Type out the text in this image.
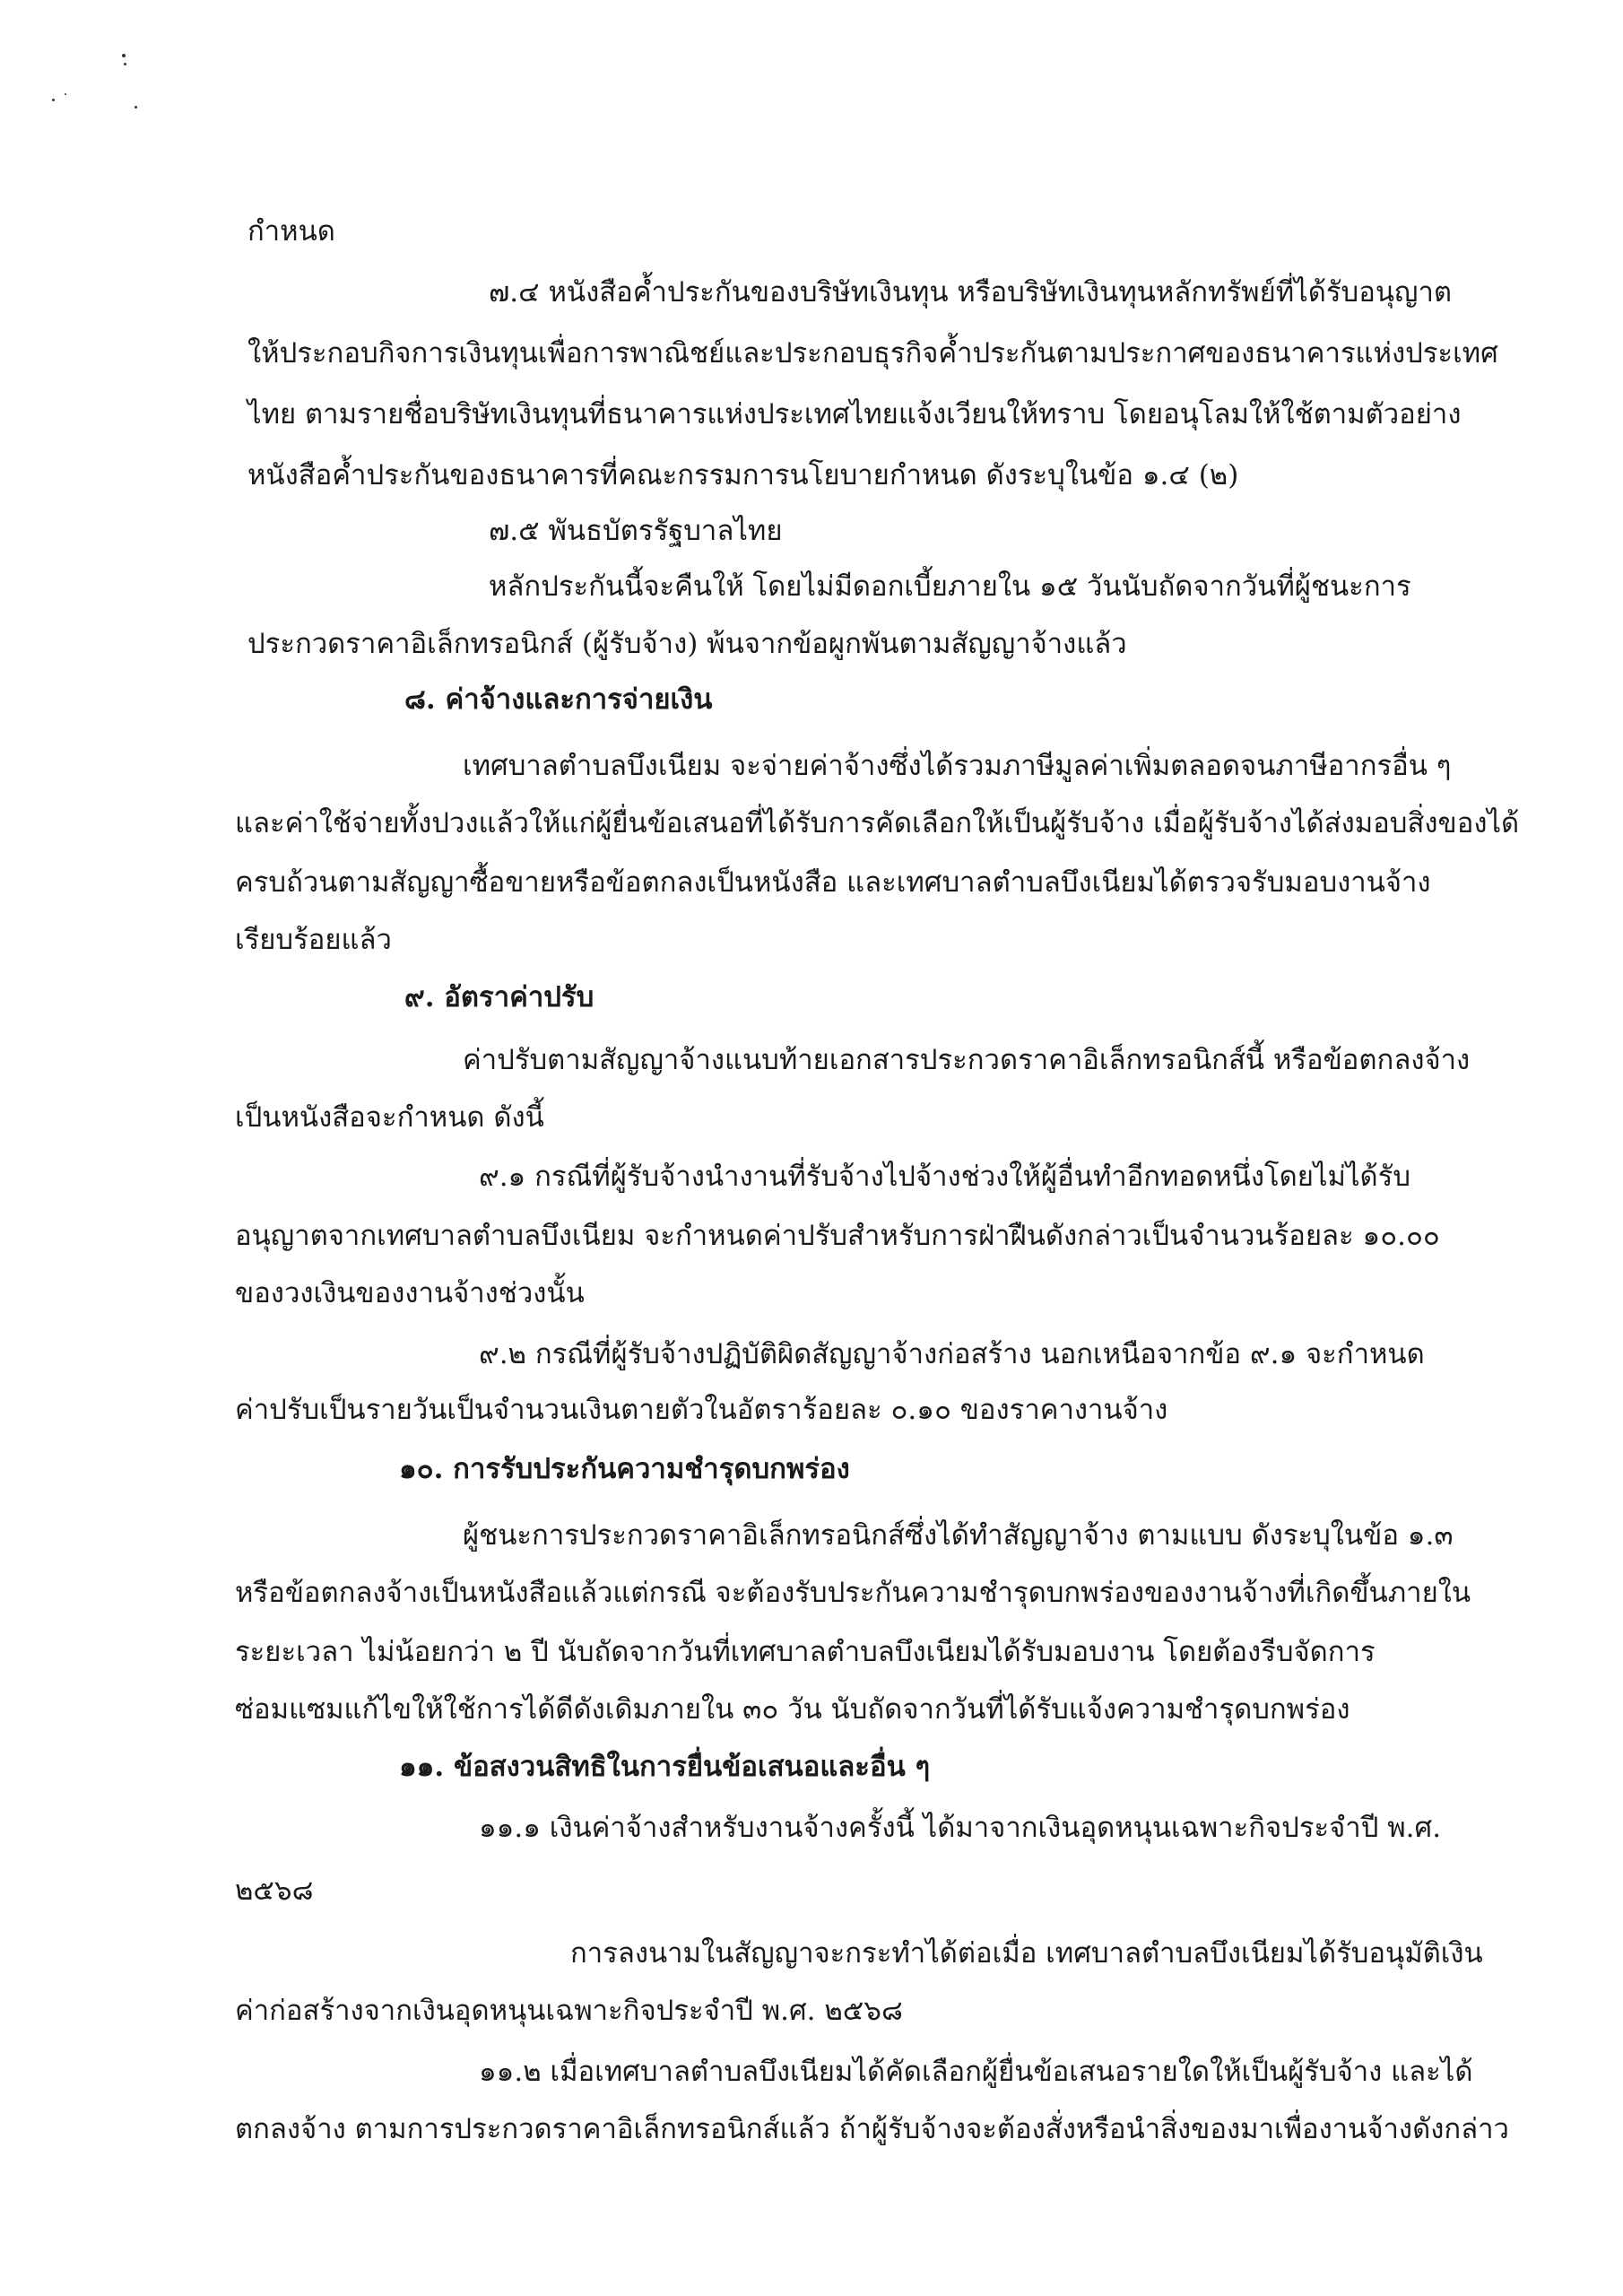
กำหนด
๗.๔ หนังสือค้ำประกันของบริษัทเงินทุน หรือบริษัทเงินทุนหลักทรัพย์ที่ได้รับอนุญาต
ให้ประกอบกิจการเงินทุนเพื่อการพาณิชย์และประกอบธุรกิจค้ำประกันตามประกาศของธนาคารแห่งประเทศ
ไทย ตามรายชื่อบริษัทเงินทุนที่ธนาคารแห่งประเทศไทยแจ้งเวียนให้ทราบ โดยอนุโลมให้ใช้ตามตัวอย่าง
หนังสือค้ำประกันของธนาคารที่คณะกรรมการนโยบายกำหนด ดังระบุในข้อ ๑.๔ (๒)
๗.๕ พันธบัตรรัฐบาลไทย
หลักประกันนี้จะคืนให้ โดยไม่มีดอกเบี้ยภายใน ๑๕ วันนับถัดจากวันที่ผู้ชนะการ
ประกวดราคาอิเล็กทรอนิกส์ (ผู้รับจ้าง) พ้นจากข้อผูกพันตามสัญญาจ้างแล้ว
๘. ค่าจ้างและการจ่ายเงิน
เทศบาลตำบลบึงเนียม จะจ่ายค่าจ้างซึ่งได้รวมภาษีมูลค่าเพิ่มตลอดจนภาษีอากรอื่น ๆ
และค่าใช้จ่ายทั้งปวงแล้วให้แก่ผู้ยื่นข้อเสนอที่ได้รับการคัดเลือกให้เป็นผู้รับจ้าง เมื่อผู้รับจ้างได้ส่งมอบสิ่งของได้
ครบถ้วนตามสัญญาซื้อขายหรือข้อตกลงเป็นหนังสือ และเทศบาลตำบลบึงเนียมได้ตรวจรับมอบงานจ้าง
เรียบร้อยแล้ว
๙. อัตราค่าปรับ
ค่าปรับตามสัญญาจ้างแนบท้ายเอกสารประกวดราคาอิเล็กทรอนิกส์นี้ หรือข้อตกลงจ้าง
เป็นหนังสือจะกำหนด ดังนี้
๙.๑ กรณีที่ผู้รับจ้างนำงานที่รับจ้างไปจ้างช่วงให้ผู้อื่นทำอีกทอดหนึ่งโดยไม่ได้รับ
อนุญาตจากเทศบาลตำบลบึงเนียม จะกำหนดค่าปรับสำหรับการฝ่าฝืนดังกล่าวเป็นจำนวนร้อยละ ๑๐.๐๐
ของวงเงินของงานจ้างช่วงนั้น
๙.๒ กรณีที่ผู้รับจ้างปฏิบัติผิดสัญญาจ้างก่อสร้าง นอกเหนือจากข้อ ๙.๑ จะกำหนด
ค่าปรับเป็นรายวันเป็นจำนวนเงินตายตัวในอัตราร้อยละ ๐.๑๐ ของราคางานจ้าง
๑๐. การรับประกันความชำรุดบกพร่อง
ผู้ชนะการประกวดราคาอิเล็กทรอนิกส์ซึ่งได้ทำสัญญาจ้าง ตามแบบ ดังระบุในข้อ ๑.๓
หรือข้อตกลงจ้างเป็นหนังสือแล้วแต่กรณี จะต้องรับประกันความชำรุดบกพร่องของงานจ้างที่เกิดขึ้นภายใน
ระยะเวลา ไม่น้อยกว่า ๒ ปี นับถัดจากวันที่เทศบาลตำบลบึงเนียมได้รับมอบงาน โดยต้องรีบจัดการ
ซ่อมแซมแก้ไขให้ใช้การได้ดีดังเดิมภายใน ๓๐ วัน นับถัดจากวันที่ได้รับแจ้งความชำรุดบกพร่อง
๑๑. ข้อสงวนสิทธิในการยื่นข้อเสนอและอื่น ๆ
๑๑.๑ เงินค่าจ้างสำหรับงานจ้างครั้งนี้ ได้มาจากเงินอุดหนุนเฉพาะกิจประจำปี พ.ศ.
๒๕๖๘
การลงนามในสัญญาจะกระทำได้ต่อเมื่อ เทศบาลตำบลบึงเนียมได้รับอนุมัติเงิน
ค่าก่อสร้างจากเงินอุดหนุนเฉพาะกิจประจำปี พ.ศ. ๒๕๖๘
๑๑.๒ เมื่อเทศบาลตำบลบึงเนียมได้คัดเลือกผู้ยื่นข้อเสนอรายใดให้เป็นผู้รับจ้าง และได้
ตกลงจ้าง ตามการประกวดราคาอิเล็กทรอนิกส์แล้ว ถ้าผู้รับจ้างจะต้องสั่งหรือนำสิ่งของมาเพื่องานจ้างดังกล่าว
